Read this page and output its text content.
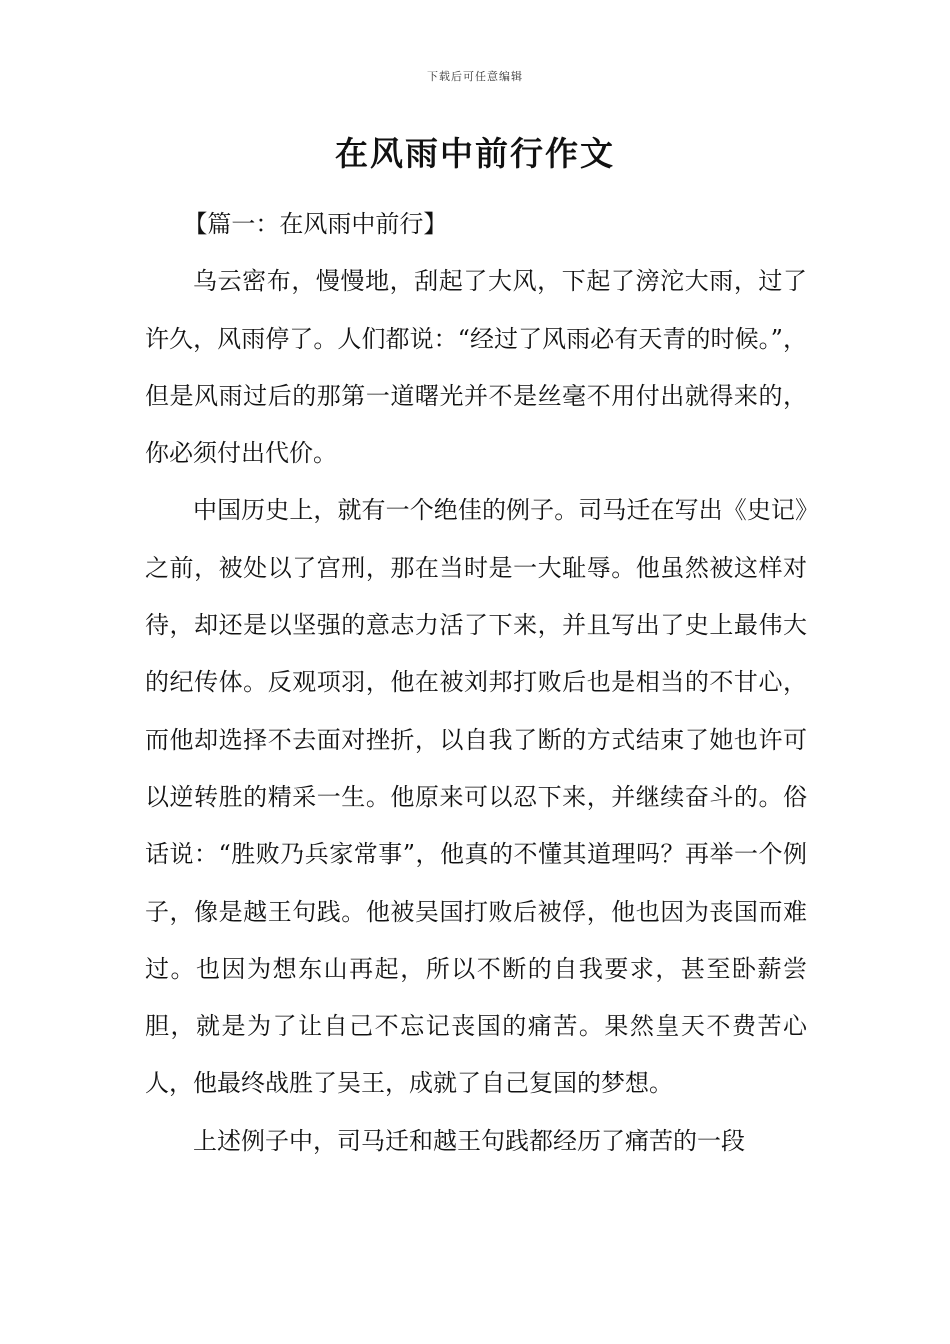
下载后可任意编辑
在风雨中前行作文

【篇一：在风雨中前行】

乌云密布，慢慢地，刮起了大风，下起了滂沱大雨，过了许久，风雨停了。人们都说：“经过了风雨必有天青的时候。”，但是风雨过后的那第一道曙光并不是丝毫不用付出就得来的，你必须付出代价。

中国历史上，就有一个绝佳的例子。司马迁在写出《史记》之前，被处以了宫刑，那在当时是一大耻辱。他虽然被这样对待，却还是以坚强的意志力活了下来，并且写出了史上最伟大的纪传体。反观项羽，他在被刘邦打败后也是相当的不甘心，而他却选择不去面对挫折，以自我了断的方式结束了她也许可以逆转胜的精采一生。他原来可以忍下来，并继续奋斗的。俗话说：“胜败乃兵家常事”，他真的不懂其道理吗？再举一个例子，像是越王句践。他被吴国打败后被俘，他也因为丧国而难过。也因为想东山再起，所以不断的自我要求，甚至卧薪尝胆，就是为了让自己不忘记丧国的痛苦。果然皇天不费苦心人，他最终战胜了吴王，成就了自己复国的梦想。

上述例子中，司马迁和越王句践都经历了痛苦的一段
